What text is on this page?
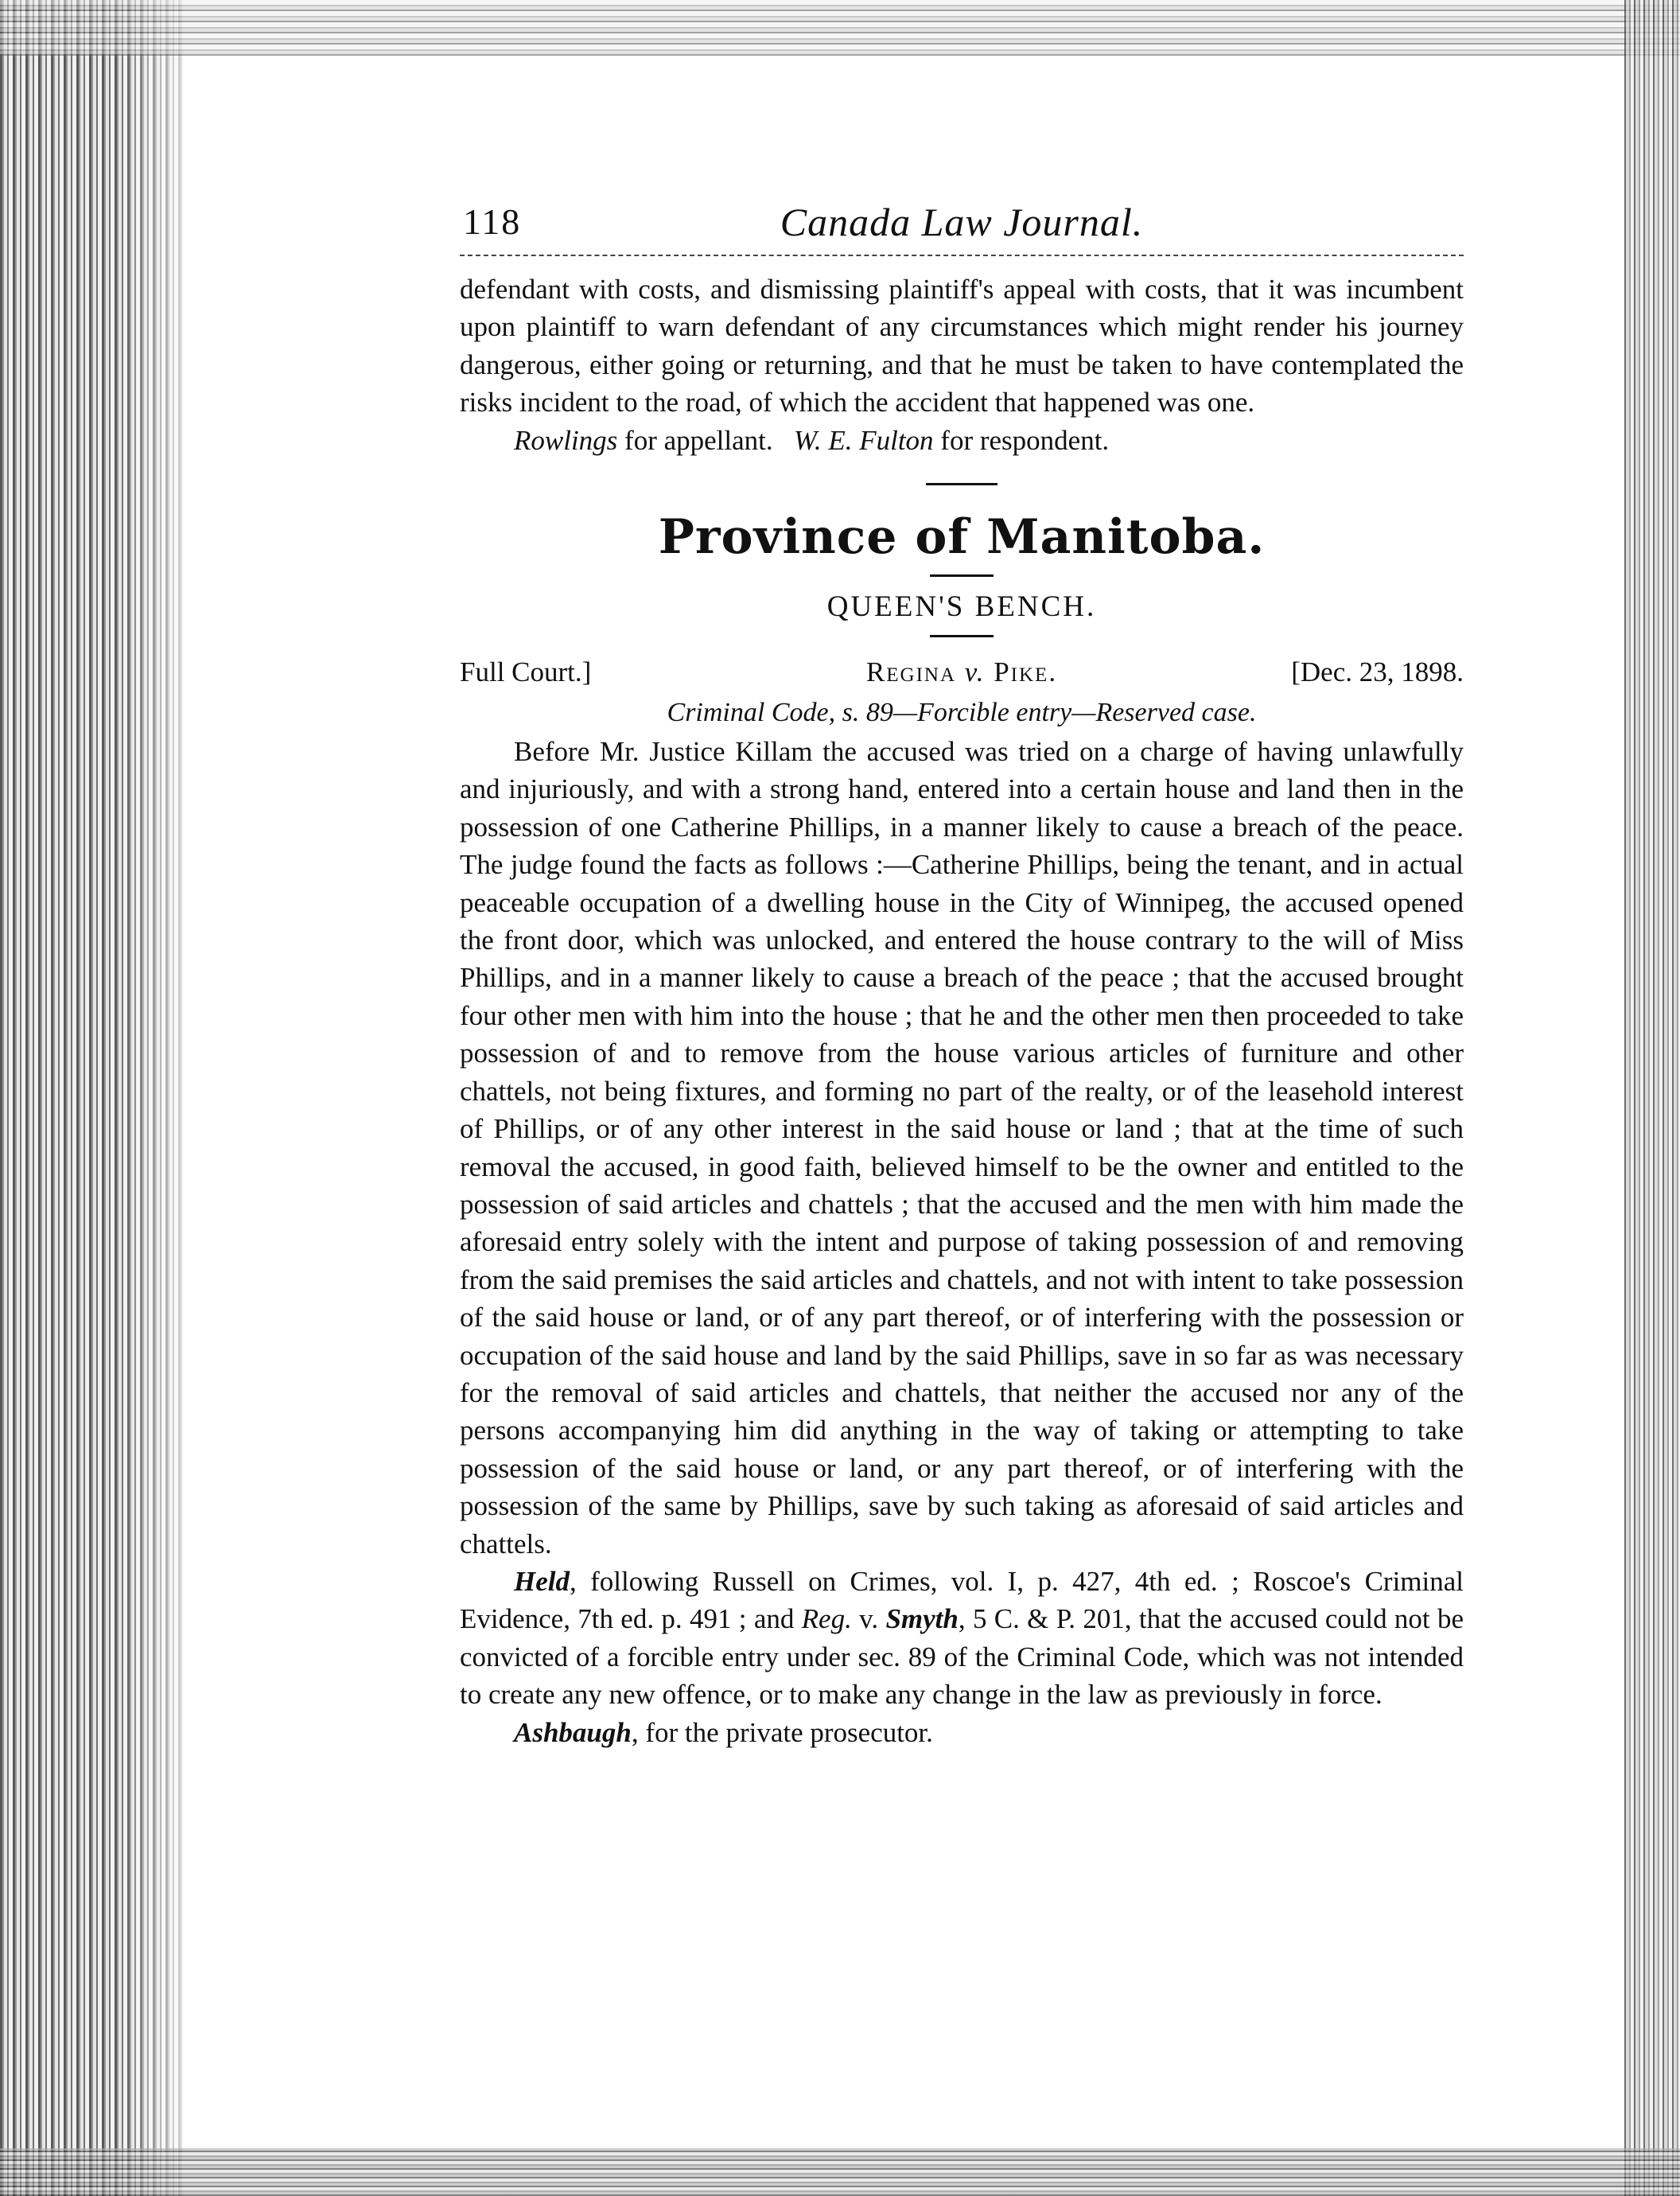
118	Canada Law Journal.

defendant with costs, and dismissing plaintiff's appeal with costs, that it was incumbent upon plaintiff to warn defendant of any circumstances which might render his journey dangerous, either going or returning, and that he must be taken to have contemplated the risks incident to the road, of which the accident that happened was one.

Rowlings for appellant. W. E. Fulton for respondent.

Province of Manitoba.
QUEEN'S BENCH.
Full Court.]	Regina v. Pike.	[Dec. 23, 1898.
Criminal Code, s. 89—Forcible entry—Reserved case.

Before Mr. Justice Killam the accused was tried on a charge of having unlawfully and injuriously, and with a strong hand, entered into a certain house and land then in the possession of one Catherine Phillips, in a manner likely to cause a breach of the peace. The judge found the facts as follows :—Catherine Phillips, being the tenant, and in actual peaceable occupation of a dwelling house in the City of Winnipeg, the accused opened the front door, which was unlocked, and entered the house contrary to the will of Miss Phillips, and in a manner likely to cause a breach of the peace ; that the accused brought four other men with him into the house ; that he and the other men then proceeded to take possession of and to remove from the house various articles of furniture and other chattels, not being fixtures, and forming no part of the realty, or of the leasehold interest of Phillips, or of any other interest in the said house or land ; that at the time of such removal the accused, in good faith, believed himself to be the owner and entitled to the possession of said articles and chattels ; that the accused and the men with him made the aforesaid entry solely with the intent and purpose of taking possession of and removing from the said premises the said articles and chattels, and not with intent to take possession of the said house or land, or of any part thereof, or of interfering with the possession or occupation of the said house and land by the said Phillips, save in so far as was necessary for the removal of said articles and chattels, that neither the accused nor any of the persons accompanying him did anything in the way of taking or attempting to take possession of the said house or land, or any part thereof, or of interfering with the possession of the same by Phillips, save by such taking as aforesaid of said articles and chattels.

Held, following Russell on Crimes, vol. I, p. 427, 4th ed. ; Roscoe's Criminal Evidence, 7th ed. p. 491 ; and Reg. v. Smyth, 5 C. & P. 201, that the accused could not be convicted of a forcible entry under sec. 89 of the Criminal Code, which was not intended to create any new offence, or to make any change in the law as previously in force.

Ashbaugh, for the private prosecutor.
